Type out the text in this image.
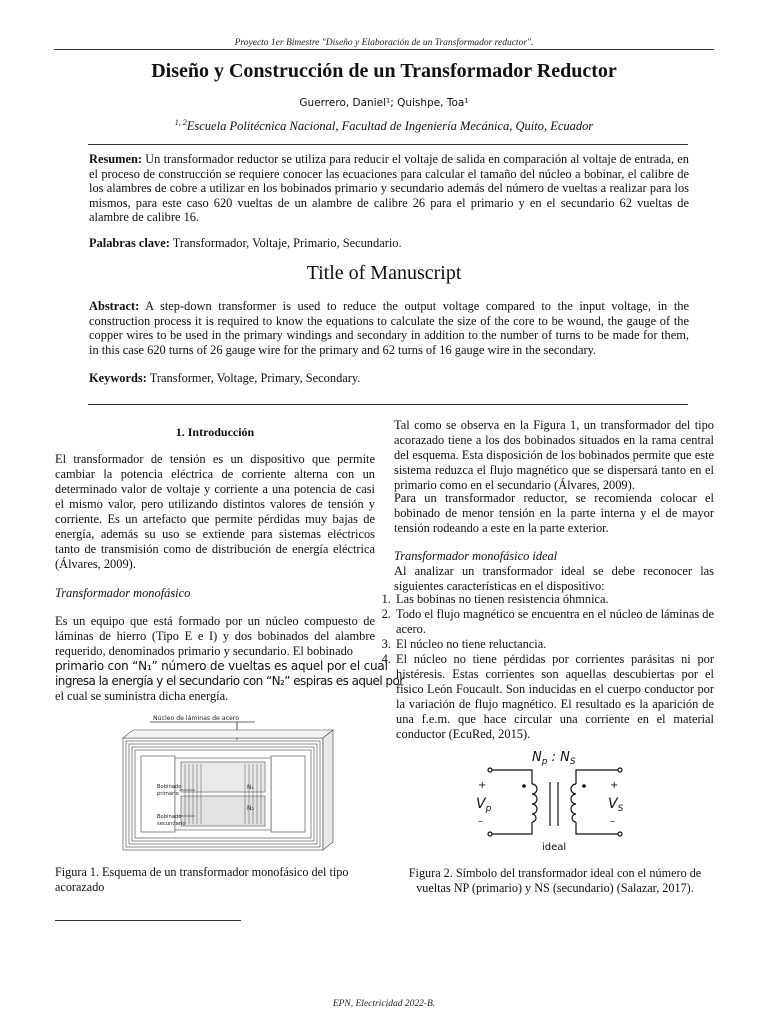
Proyecto 1er Bimestre "Diseño y Elaboración de un Transformador reductor".
Diseño y Construcción de un Transformador Reductor
Guerrero, Daniel¹; Quishpe, Toa¹
$^{1, 2}$Escuela Politécnica Nacional, Facultad de Ingeniería Mecánica, Quito, Ecuador
Resumen: Un transformador reductor se utiliza para reducir el voltaje de salida en comparación al voltaje de entrada, en el proceso de construcción se requiere conocer las ecuaciones para calcular el tamaño del núcleo a bobinar, el calibre de los alambres de cobre a utilizar en los bobinados primario y secundario además del número de vueltas a realizar para los mismos, para este caso 620 vueltas de un alambre de calibre 26 para el primario y en el secundario 62 vueltas de alambre de calibre 16.
Palabras clave: Transformador, Voltaje, Primario, Secundario.
Title of Manuscript
Abstract: A step-down transformer is used to reduce the output voltage compared to the input voltage, in the construction process it is required to know the equations to calculate the size of the core to be wound, the gauge of the copper wires to be used in the primary windings and secondary in addition to the number of turns to be made for them, in this case 620 turns of 26 gauge wire for the primary and 62 turns of 16 gauge wire in the secondary.
Keywords: Transformer, Voltage, Primary, Secondary.
1. Introducción
El transformador de tensión es un dispositivo que permite cambiar la potencia eléctrica de corriente alterna con un determinado valor de voltaje y corriente a una potencia de casi el mismo valor, pero utilizando distintos valores de tensión y corriente. Es un artefacto que permite pérdidas muy bajas de energía, además su uso se extiende para sistemas eléctricos tanto de transmisión como de distribución de energía eléctrica (Álvares, 2009).
Transformador monofásico
Es un equipo que está formado por un núcleo compuesto de láminas de hierro (Tipo E e I) y dos bobinados del alambre requerido, denominados primario y secundario. El bobinado
primario con “N₁” número de vueltas es aquel por el cual
ingresa la energía y el secundario con “N₂” espiras es aquel por
el cual se suministra dicha energía.
Núcleo de láminas de acero
Bobinado primario
Bobinado secundario
N₁
N₂
Figura 1. Esquema de un transformador monofásico del tipo acorazado
Tal como se observa en la Figura 1, un transformador del tipo acorazado tiene a los dos bobinados situados en la rama central del esquema. Esta disposición de los bobinados permite que este sistema reduzca el flujo magnético que se dispersará tanto en el primario como en el secundario (Álvares, 2009).
Para un transformador reductor, se recomienda colocar el bobinado de menor tensión en la parte interna y el de mayor tensión rodeando a este en la parte exterior.
Transformador monofásico ideal
Al analizar un transformador ideal se debe reconocer las siguientes características en el dispositivo:
1. Las bobinas no tienen resistencia óhmnica.
2. Todo el flujo magnético se encuentra en el núcleo de láminas de acero.
3. El núcleo no tiene reluctancia.
4. El núcleo no tiene pérdidas por corrientes parásitas ni por histéresis. Estas corrientes son aquellas descubiertas por el físico León Foucault. Son inducidas en el cuerpo conductor por la variación de flujo magnético. El resultado es la aparición de una f.e.m. que hace circular una corriente en el material conductor (EcuRed, 2015).
$N_p$ : $N_S$
+
–
+
–
$V_p$	$V_S$
ideal
Figura 2. Símbolo del transformador ideal con el número de vueltas NP (primario) y NS (secundario) (Salazar, 2017).
EPN, Electricidad 2022-B.
